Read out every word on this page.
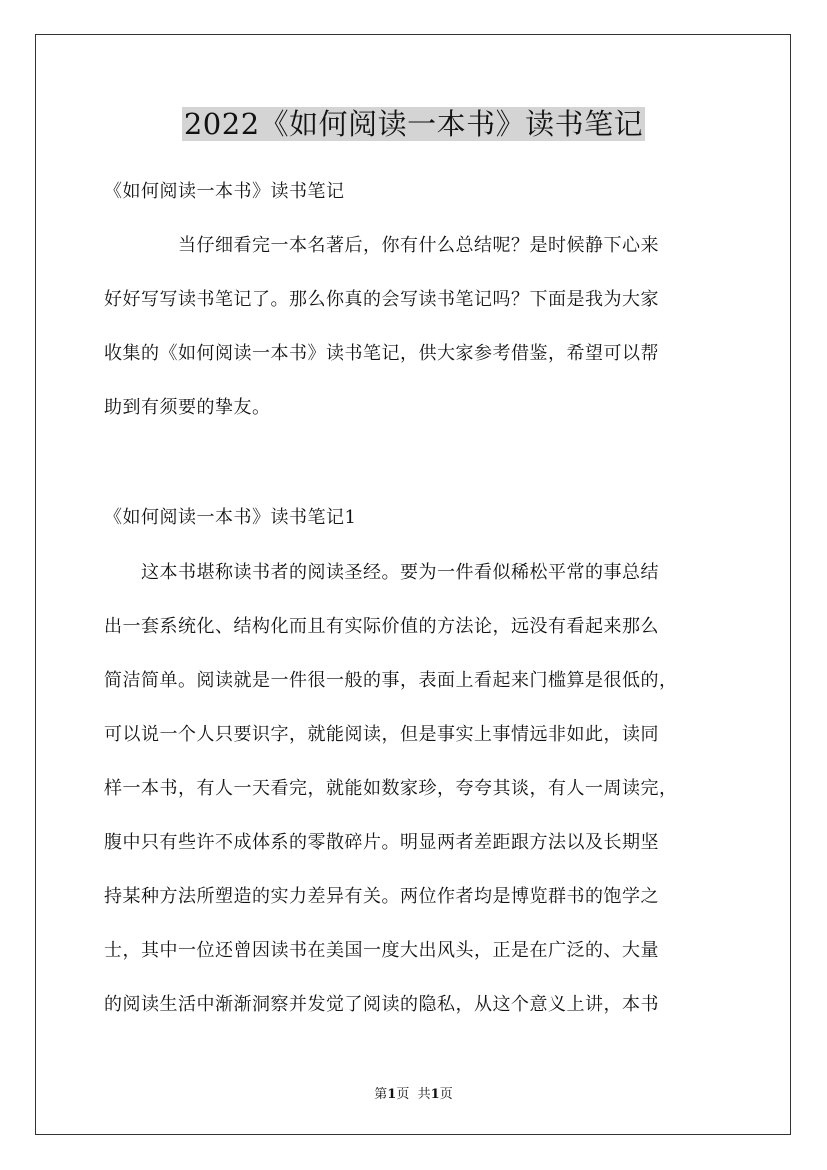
2022《如何阅读一本书》读书笔记
《如何阅读一本书》读书笔记
　　　　当仔细看完一本名著后，你有什么总结呢？是时候静下心来
好好写写读书笔记了。那么你真的会写读书笔记吗？下面是我为大家
收集的《如何阅读一本书》读书笔记，供大家参考借鉴，希望可以帮
助到有须要的挚友。
《如何阅读一本书》读书笔记1
　　这本书堪称读书者的阅读圣经。要为一件看似稀松平常的事总结
出一套系统化、结构化而且有实际价值的方法论，远没有看起来那么
简洁简单。阅读就是一件很一般的事，表面上看起来门槛算是很低的，
可以说一个人只要识字，就能阅读，但是事实上事情远非如此，读同
样一本书，有人一天看完，就能如数家珍，夸夸其谈，有人一周读完，
腹中只有些许不成体系的零散碎片。明显两者差距跟方法以及长期坚
持某种方法所塑造的实力差异有关。两位作者均是博览群书的饱学之
士，其中一位还曾因读书在美国一度大出风头，正是在广泛的、大量
的阅读生活中渐渐洞察并发觉了阅读的隐私，从这个意义上讲，本书
第1页 共1页
